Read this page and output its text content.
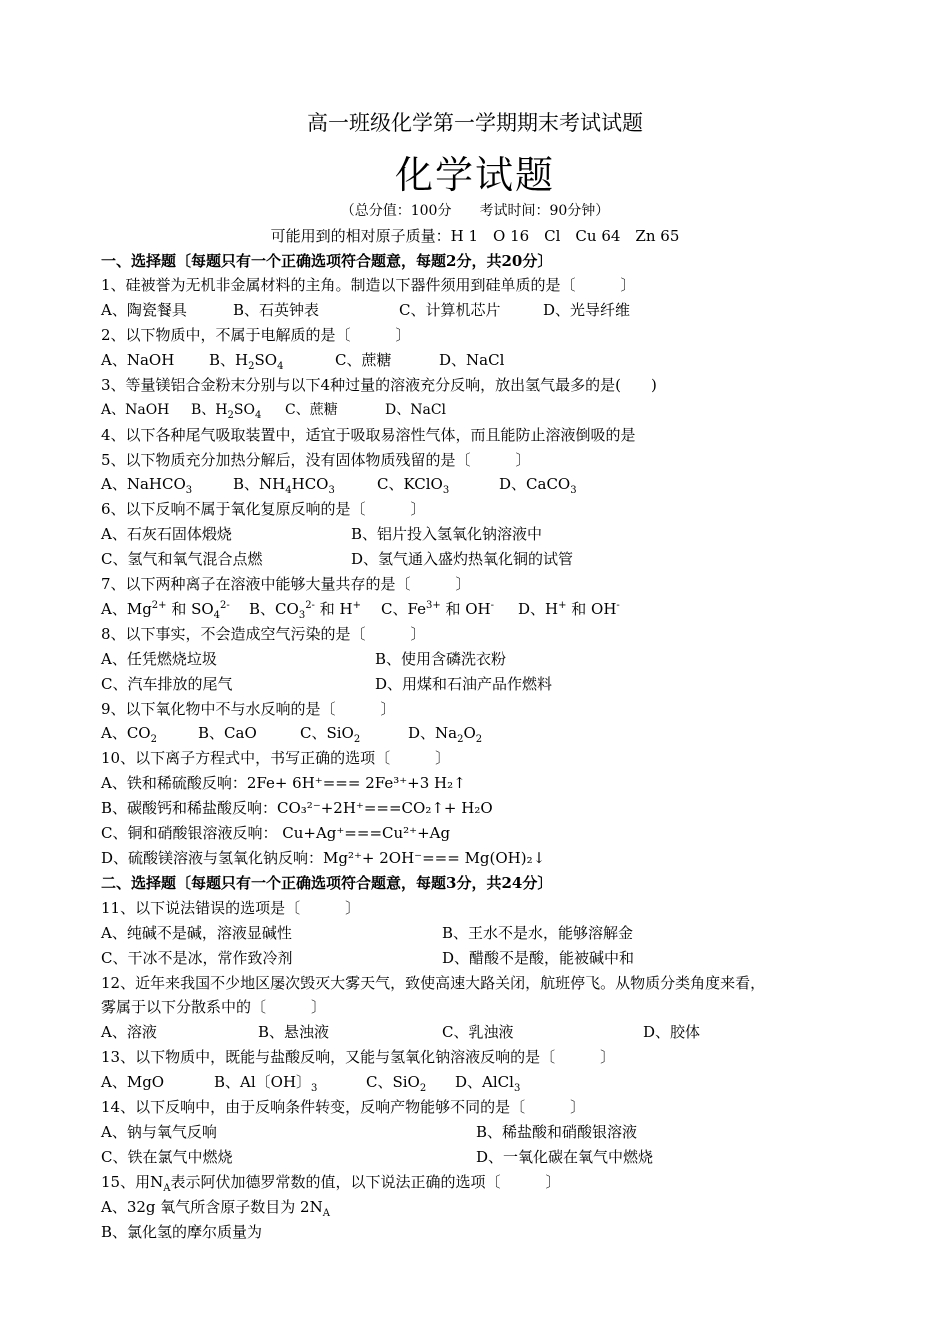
高一班级化学第一学期期末考试试题
化学试题
（总分值：100分　　考试时间：90分钟）
可能用到的相对原子质量：H 1　O 16　Cl　Cu 64　Zn 65
一、选择题〔每题只有一个正确选项符合题意，每题2分，共20分〕
1、硅被誉为无机非金属材料的主角。制造以下器件须用到硅单质的是〔　　　〕
A、陶瓷餐具	B、石英钟表	C、计算机芯片	D、光导纤维
2、以下物质中，不属于电解质的是〔　　　〕
A、NaOH B、$H_2SO_4$	C、蔗糖	D、NaCl
3、等量镁铝合金粉末分别与以下4种过量的溶液充分反响，放出氢气最多的是(　　)
A、NaOH B、$H_2SO_4$ C、蔗糖	D、NaCl
4、以下各种尾气吸取装置中，适宜于吸取易溶性气体，而且能防止溶液倒吸的是
5、以下物质充分加热分解后，没有固体物质残留的是〔　　　〕
A、NaHCO$_3$	B、$NH_4HCO_3$	C、KClO$_3$	D、CaCO$_3$
6、以下反响不属于氧化复原反响的是〔　　　〕
A、石灰石固体煅烧	B、铝片投入氢氧化钠溶液中
C、氢气和氧气混合点燃	D、氢气通入盛灼热氧化铜的试管
7、以下两种离子在溶液中能够大量共存的是〔　　　〕
A、$Mg^{2+}$ 和 $SO_4^{2-}$ B、$CO_3^{2-}$ 和 H+ C、$Fe^{3+}$ 和 OH- D、H+ 和 OH-
8、以下事实，不会造成空气污染的是〔　　　〕
A、任凭燃烧垃圾	B、使用含磷洗衣粉
C、汽车排放的尾气	D、用煤和石油产品作燃料
9、以下氧化物中不与水反响的是〔　　　〕
A、$CO_2$	B、CaO	C、SiO$_2$	D、$Na_2O_2$
10、以下离子方程式中，书写正确的选项〔　　　〕
A、铁和稀硫酸反响：2Fe+ 6H⁺=== 2Fe³⁺+3 H₂↑
B、碳酸钙和稀盐酸反响：CO₃²⁻+2H⁺===CO₂↑+ H₂O
C、铜和硝酸银溶液反响： Cu+Ag⁺===Cu²⁺+Ag
D、硫酸镁溶液与氢氧化钠反响：Mg²⁺+ 2OH⁻=== Mg(OH)₂↓
二、选择题〔每题只有一个正确选项符合题意，每题3分，共24分〕
11、以下说法错误的选项是〔　　　〕
A、纯碱不是碱，溶液显碱性	B、王水不是水，能够溶解金
C、干冰不是冰，常作致冷剂	D、醋酸不是酸，能被碱中和
12、近年来我国不少地区屡次毁灭大雾天气，致使高速大路关闭，航班停飞。从物质分类角度来看，
雾属于以下分散系中的〔　　　〕
A、溶液	B、悬浊液	C、乳浊液	D、胶体
13、以下物质中，既能与盐酸反响，又能与氢氧化钠溶液反响的是〔　　　〕
A、MgO	B、Al〔OH〕$_3$	C、SiO$_2$ D、AlCl$_3$
14、以下反响中，由于反响条件转变，反响产物能够不同的是〔　　　〕
A、钠与氧气反响	B、稀盐酸和硝酸银溶液
C、铁在氯气中燃烧	D、一氧化碳在氧气中燃烧
15、用$N_A$表示阿伏加德罗常数的值，以下说法正确的选项〔　　　〕
A、32g 氧气所含原子数目为 $2N_A$
B、氯化氢的摩尔质量为
